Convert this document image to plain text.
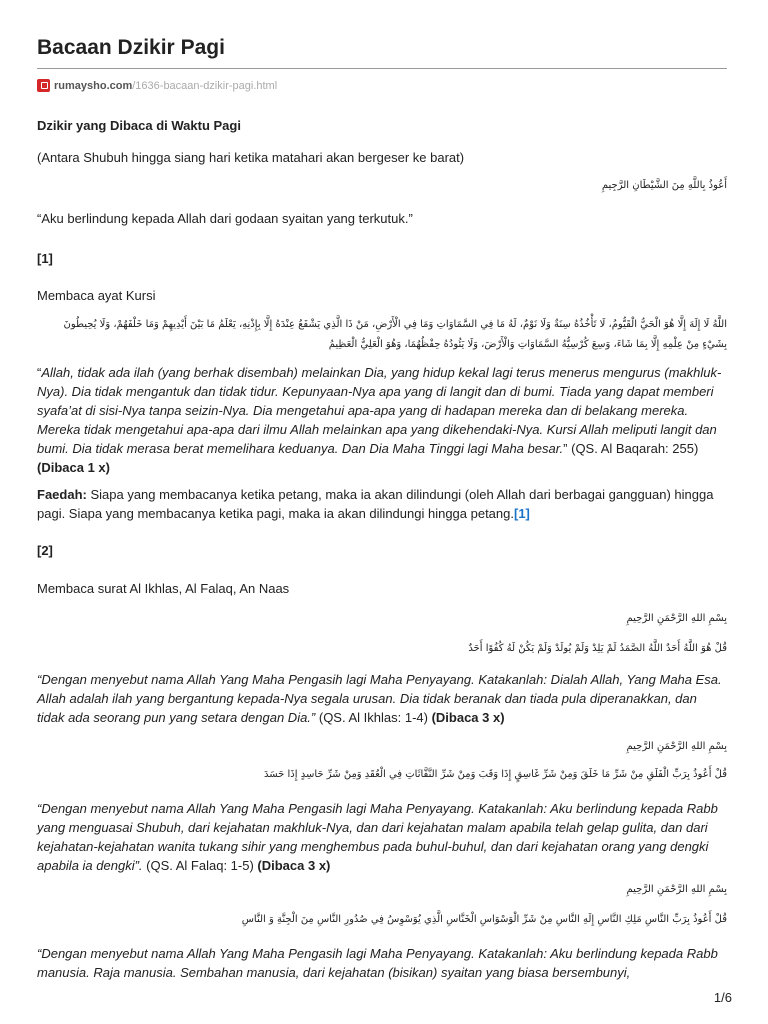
Bacaan Dzikir Pagi
rumaysho.com /1636-bacaan-dzikir-pagi.html
Dzikir yang Dibaca di Waktu Pagi

(Antara Shubuh hingga siang hari ketika matahari akan bergeser ke barat)

أَعُوذُ بِاللَّهِ مِنَ الشَّيْطَانِ الرَّجِيمِ

“Aku berlindung kepada Allah dari godaan syaitan yang terkutuk.”

[1]

Membaca ayat Kursi

اللَّهُ لَا إِلَهَ إِلَّا هُوَ الْحَيُّ الْقَيُّومُ، لَا تَأْخُذُهُ سِنَةٌ وَلَا نَوْمٌ، لَهُ مَا فِي السَّمَاوَاتِ وَمَا فِي الْأَرْضِ، مَنْ ذَا الَّذِي يَشْفَعُ عِنْدَهُ إِلَّا بِإِذْنِهِ، يَعْلَمُ مَا بَيْنَ أَيْدِيهِمْ وَمَا خَلْفَهُمْ، وَلَا يُحِيطُونَ بِشَيْءٍ مِنْ عِلْمِهِ إِلَّا بِمَا شَاءَ، وَسِعَ كُرْسِيُّهُ السَّمَاوَاتِ وَالْأَرْضَ، وَلَا يَئُودُهُ حِفْظُهُمَا، وَهُوَ الْعَلِيُّ الْعَظِيمُ

“Allah, tidak ada ilah (yang berhak disembah) melainkan Dia, yang hidup kekal lagi terus menerus mengurus (makhluk-Nya). Dia tidak mengantuk dan tidak tidur. Kepunyaan-Nya apa yang di langit dan di bumi. Tiada yang dapat memberi syafa’at di sisi-Nya tanpa seizin-Nya. Dia mengetahui apa-apa yang di hadapan mereka dan di belakang mereka. Mereka tidak mengetahui apa-apa dari ilmu Allah melainkan apa yang dikehendaki-Nya. Kursi Allah meliputi langit dan bumi. Dia tidak merasa berat memelihara keduanya. Dan Dia Maha Tinggi lagi Maha besar.” (QS. Al Baqarah: 255) (Dibaca 1 x)

Faedah: Siapa yang membacanya ketika petang, maka ia akan dilindungi (oleh Allah dari berbagai gangguan) hingga pagi. Siapa yang membacanya ketika pagi, maka ia akan dilindungi hingga petang.[1]

[2]

Membaca surat Al Ikhlas, Al Falaq, An Naas

بِسْمِ اللهِ الرَّحْمَنِ الرَّحِيمِ

قُلْ هُوَ اللَّهُ أَحَدٌ اللَّهُ الصَّمَدُ لَمْ يَلِدْ وَلَمْ يُولَدْ وَلَمْ يَكُنْ لَهُ كُفُوًا أَحَدٌ

“Dengan menyebut nama Allah Yang Maha Pengasih lagi Maha Penyayang. Katakanlah: Dialah Allah, Yang Maha Esa. Allah adalah ilah yang bergantung kepada-Nya segala urusan. Dia tidak beranak dan tiada pula diperanakkan, dan tidak ada seorang pun yang setara dengan Dia.” (QS. Al Ikhlas: 1-4) (Dibaca 3 x)

بِسْمِ اللهِ الرَّحْمَنِ الرَّحِيمِ

قُلْ أَعُوذُ بِرَبِّ الْفَلَقِ مِنْ شَرِّ مَا خَلَقَ وَمِنْ شَرِّ غَاسِقٍ إِذَا وَقَبَ وَمِنْ شَرِّ النَّفَّاثَاتِ فِي الْعُقَدِ وَمِنْ شَرِّ حَاسِدٍ إِذَا حَسَدَ

“Dengan menyebut nama Allah Yang Maha Pengasih lagi Maha Penyayang. Katakanlah: Aku berlindung kepada Rabb yang menguasai Shubuh, dari kejahatan makhluk-Nya, dan dari kejahatan malam apabila telah gelap gulita, dan dari kejahatan-kejahatan wanita tukang sihir yang menghembus pada buhul-buhul, dan dari kejahatan orang yang dengki apabila ia dengki”. (QS. Al Falaq: 1-5) (Dibaca 3 x)

بِسْمِ اللهِ الرَّحْمَنِ الرَّحِيمِ

قُلْ أَعُوذُ بِرَبِّ النَّاسِ مَلِكِ النَّاسِ إِلَهِ النَّاسِ مِنْ شَرِّ الْوَسْوَاسِ الْخَنَّاسِ الَّذِي يُوَسْوِسُ فِي صُدُورِ النَّاسِ مِنَ الْجِنَّةِ وَ النَّاسِ

“Dengan menyebut nama Allah Yang Maha Pengasih lagi Maha Penyayang. Katakanlah: Aku berlindung kepada Rabb manusia. Raja manusia. Sembahan manusia, dari kejahatan (bisikan) syaitan yang biasa bersembunyi,

1/6
